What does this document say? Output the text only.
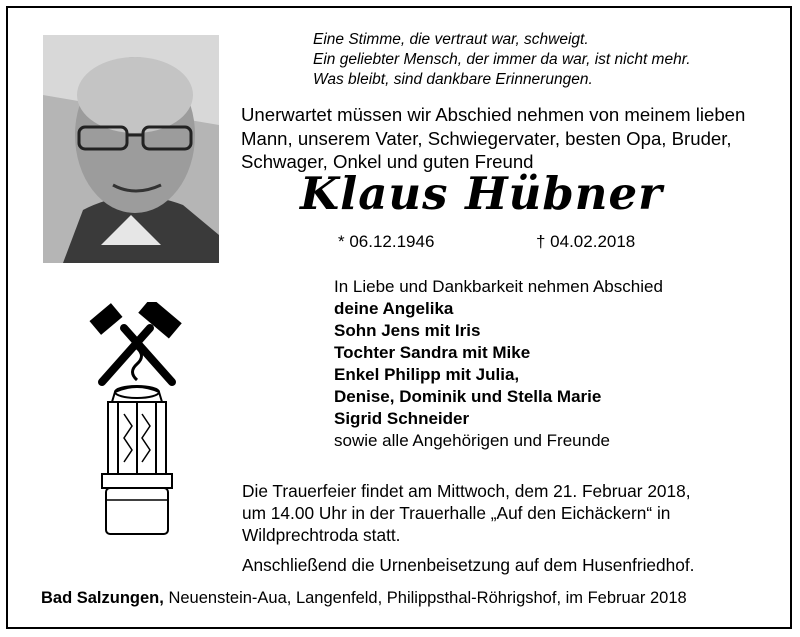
Eine Stimme, die vertraut war, schweigt.
Ein geliebter Mensch, der immer da war, ist nicht mehr.
Was bleibt, sind dankbare Erinnerungen.
Unerwartet müssen wir Abschied nehmen von meinem lieben
Mann, unserem Vater, Schwiegervater, besten Opa, Bruder,
Schwager, Onkel und guten Freund
Klaus Hübner
* 06.12.1946	† 04.02.2018
In Liebe und Dankbarkeit nehmen Abschied
deine Angelika
Sohn Jens mit Iris
Tochter Sandra mit Mike
Enkel Philipp mit Julia,
Denise, Dominik und Stella Marie
Sigrid Schneider
sowie alle Angehörigen und Freunde
Die Trauerfeier findet am Mittwoch, dem 21. Februar 2018,
um 14.00 Uhr in der Trauerhalle „Auf den Eichäckern“ in
Wildprechtroda statt.
Anschließend die Urnenbeisetzung auf dem Husenfriedhof.
Bad Salzungen, Neuenstein-Aua, Langenfeld, Philippsthal-Röhrigshof, im Februar 2018
